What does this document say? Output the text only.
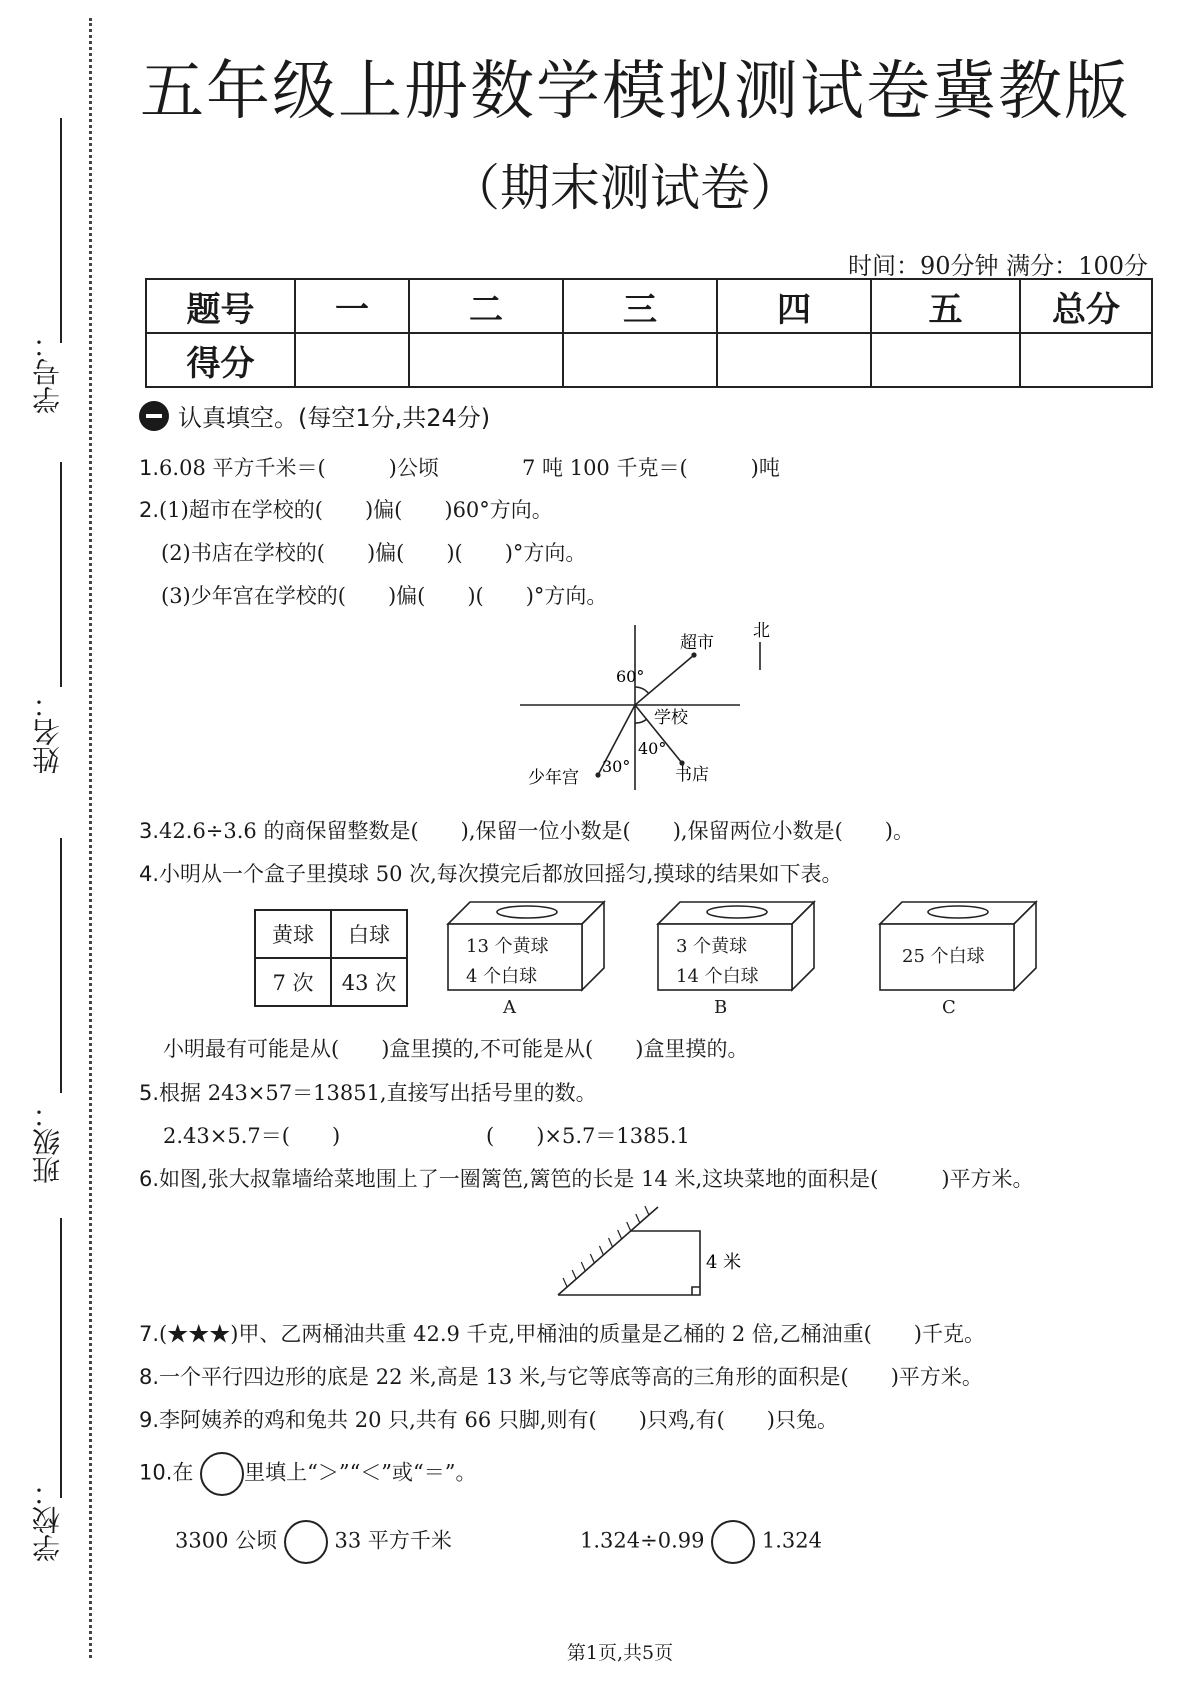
学号：
姓名：
班级：
学校：
五年级上册数学模拟测试卷冀教版
（期末测试卷）
时间：90分钟 满分：100分
题号	一	二	三	四	五	总分
得分						
认真填空。(每空1分,共24分)
1.6.08 平方千米＝(　　　)公顷	7 吨 100 千克＝(　　　)吨
2.(1)超市在学校的(　　)偏(　　)60°方向。
(2)书店在学校的(　　)偏(　　)(　　)°方向。
(3)少年宫在学校的(　　)偏(　　)(　　)°方向。
北
超市
60°
学校
40°
30°
少年宫	书店
3.42.6÷3.6 的商保留整数是(　　),保留一位小数是(　　),保留两位小数是(　　)。
4.小明从一个盒子里摸球 50 次,每次摸完后都放回摇匀,摸球的结果如下表。
黄球	白球
7 次	43 次
13 个黄球
4 个白球
3 个黄球
14 个白球
25 个白球
A	B	C
小明最有可能是从(　　)盒里摸的,不可能是从(　　)盒里摸的。
5.根据 243×57＝13851,直接写出括号里的数。
2.43×5.7＝(　　)	(　　)×5.7＝1385.1
6.如图,张大叔靠墙给菜地围上了一圈篱笆,篱笆的长是 14 米,这块菜地的面积是(　　　)平方米。
4 米
7.(★★★)甲、乙两桶油共重 42.9 千克,甲桶油的质量是乙桶的 2 倍,乙桶油重(　　)千克。
8.一个平行四边形的底是 22 米,高是 13 米,与它等底等高的三角形的面积是(　　)平方米。
9.李阿姨养的鸡和兔共 20 只,共有 66 只脚,则有(　　)只鸡,有(　　)只兔。
10.在 里填上“＞”“＜”或“＝”。
3300 公顷	33 平方千米	1.324÷0.99	1.324
第1页,共5页
